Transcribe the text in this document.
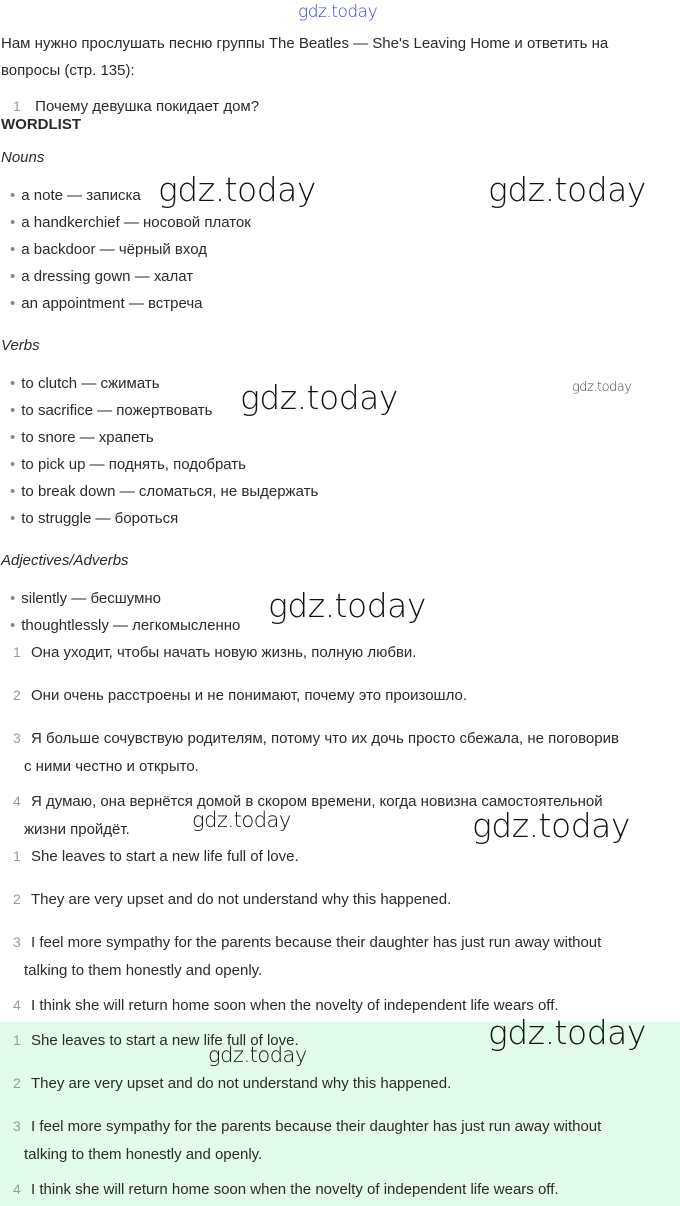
Нам нужно прослушать песню группы The Beatles — She's Leaving Home и ответить на вопросы (стр. 135):
1 Почему девушка покидает дом?
WORDLIST
Nouns
• a note — записка
• a handkerchief — носовой платок
• a backdoor — чёрный вход
• a dressing gown — халат
• an appointment — встреча
Verbs
• to clutch — сжимать
• to sacrifice — пожертвовать
• to snore — храпеть
• to pick up — поднять, подобрать
• to break down — сломаться, не выдержать
• to struggle — бороться
Adjectives/Adverbs
• silently — бесшумно
• thoughtlessly — легкомысленно
1 Она уходит, чтобы начать новую жизнь, полную любви.
2 Они очень расстроены и не понимают, почему это произошло.
3 Я больше сочувствую родителям, потому что их дочь просто сбежала, не поговорив
с ними честно и открыто.
4 Я думаю, она вернётся домой в скором времени, когда новизна самостоятельной
жизни пройдёт.
1 She leaves to start a new life full of love.
2 They are very upset and do not understand why this happened.
3 I feel more sympathy for the parents because their daughter has just run away without
talking to them honestly and openly.
4 I think she will return home soon when the novelty of independent life wears off.
1 She leaves to start a new life full of love.
2 They are very upset and do not understand why this happened.
3 I feel more sympathy for the parents because their daughter has just run away without
talking to them honestly and openly.
4 I think she will return home soon when the novelty of independent life wears off.
gdz.today
gdz.today	gdz.today
gdz.today	gdz.today
gdz.today
gdz.today	gdz.today
gdz.today
gdz.today
